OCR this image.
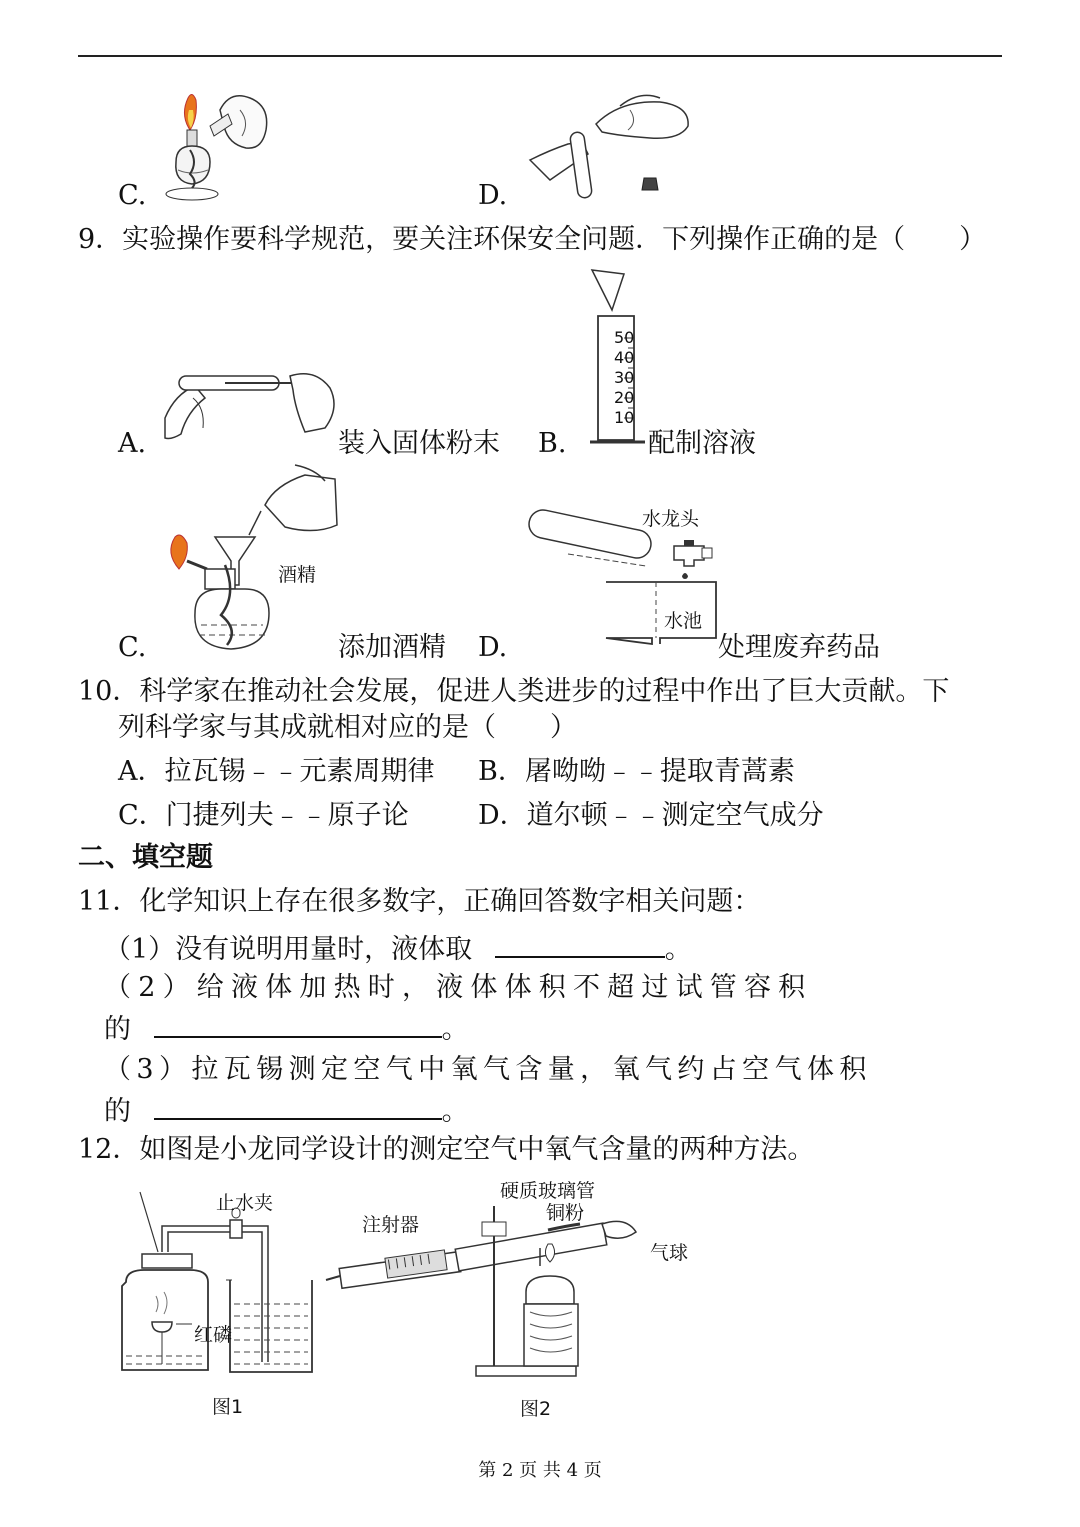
C.	D.
9．实验操作要科学规范，要关注环保安全问题．下列操作正确的是（　　）
A.	装入固体粉末
50
40
30
20
10
B.	配制溶液
酒精
C.	添加酒精
水龙头
水池
D.	处理废弃药品
10．科学家在推动社会发展，促进人类进步的过程中作出了巨大贡献。下
列科学家与其成就相对应的是（　　）
A．拉瓦锡﹣﹣元素周期律 B．屠呦呦﹣﹣提取青蒿素
C．门捷列夫﹣﹣原子论	D．道尔顿﹣﹣测定空气成分
二、填空题
11．化学知识上存在很多数字，正确回答数字相关问题：
（1）没有说明用量时，液体取	。
（2）给液体加热时，液体体积不超过试管容积
的	。
（3）拉瓦锡测定空气中氧气含量，氧气约占空气体积
的	。
12．如图是小龙同学设计的测定空气中氧气含量的两种方法。
止水夹
红磷
图1
硬质玻璃管
注射器
铜粉
气球
图2
第 2 页 共 4 页
